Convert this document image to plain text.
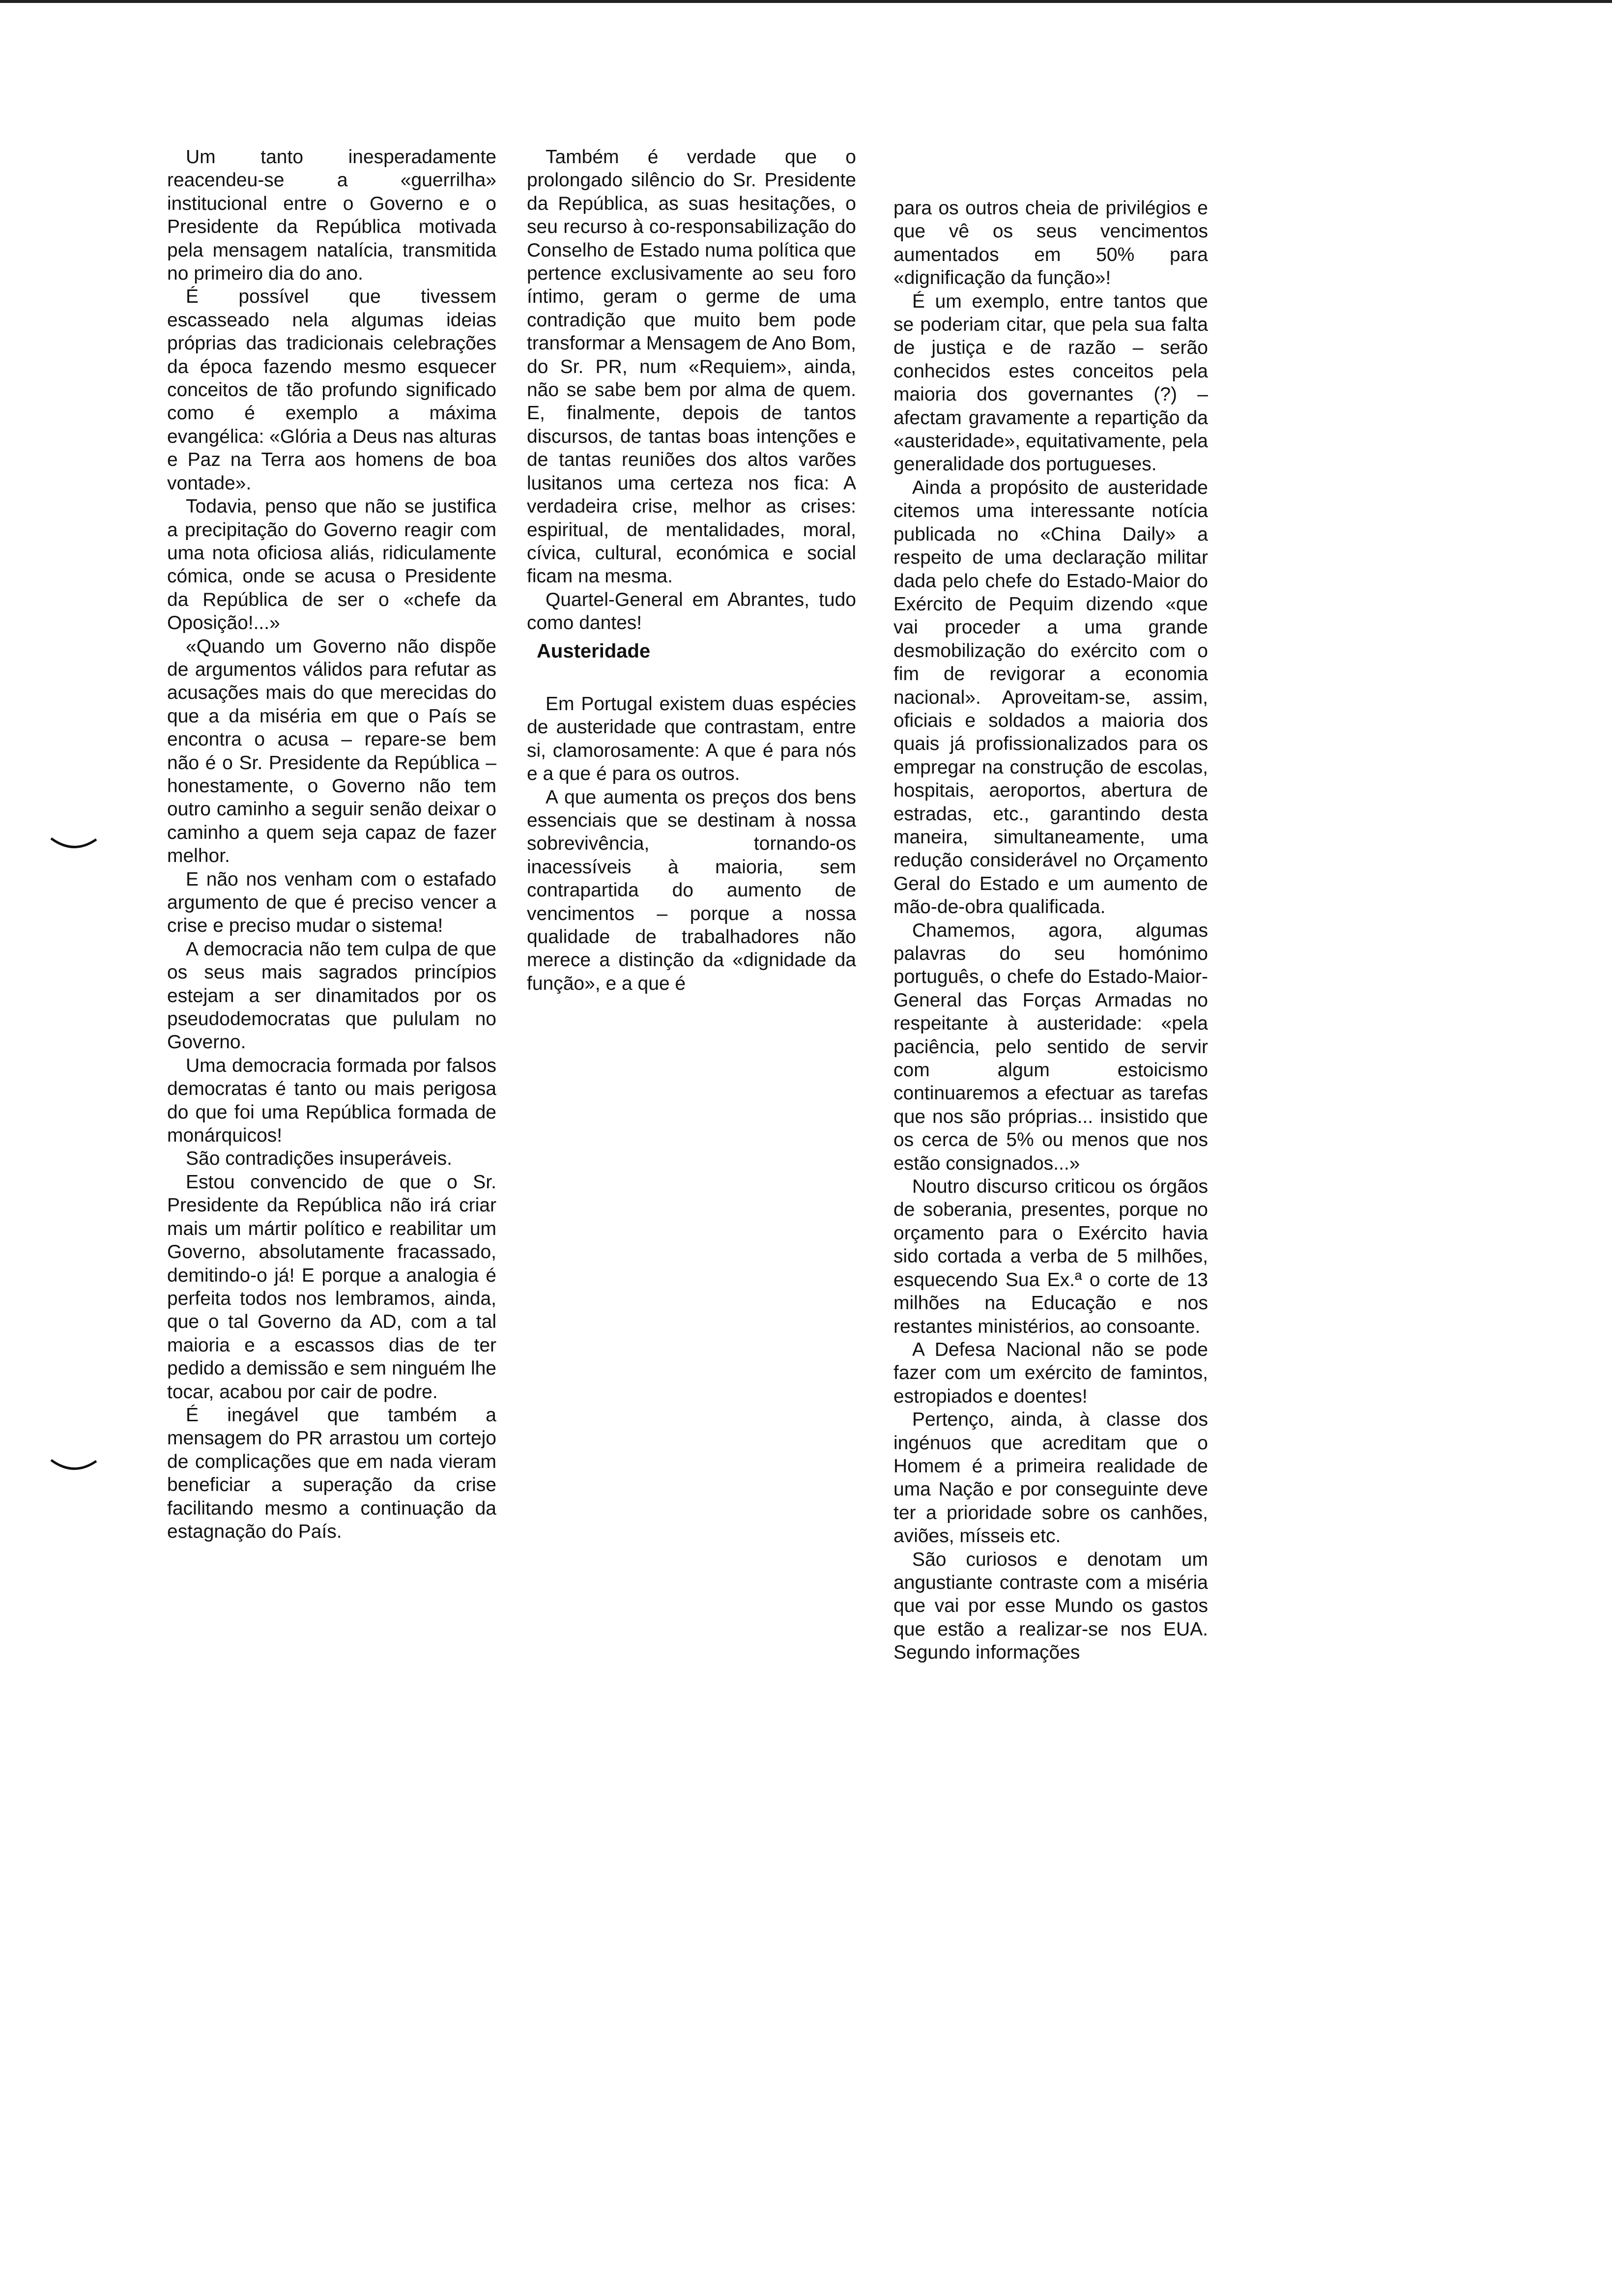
Um tanto inesperadamente reacendeu-se a «guerrilha» institucional entre o Governo e o Presidente da República motivada pela mensagem natalícia, transmitida no primeiro dia do ano.

É possível que tivessem escasseado nela algumas ideias próprias das tradicionais celebrações da época fazendo mesmo esquecer conceitos de tão profundo significado como é exemplo a máxima evangélica: «Glória a Deus nas alturas e Paz na Terra aos homens de boa vontade».

Todavia, penso que não se justifica a precipitação do Governo reagir com uma nota oficiosa aliás, ridiculamente cómica, onde se acusa o Presidente da República de ser o «chefe da Oposição!...»

«Quando um Governo não dispõe de argumentos válidos para refutar as acusações mais do que merecidas do que a da miséria em que o País se encontra o acusa – repare-se bem não é o Sr. Presidente da República – honestamente, o Governo não tem outro caminho a seguir senão deixar o caminho a quem seja capaz de fazer melhor.

E não nos venham com o estafado argumento de que é preciso vencer a crise e preciso mudar o sistema!

A democracia não tem culpa de que os seus mais sagrados princípios estejam a ser dinamitados por os pseudodemocratas que pululam no Governo.

Uma democracia formada por falsos democratas é tanto ou mais perigosa do que foi uma República formada de monárquicos!

São contradições insuperáveis.

Estou convencido de que o Sr. Presidente da República não irá criar mais um mártir político e reabilitar um Governo, absolutamente fracassado, demitindo-o já! E porque a analogia é perfeita todos nos lembramos, ainda, que o tal Governo da AD, com a tal maioria e a escassos dias de ter pedido a demissão e sem ninguém lhe tocar, acabou por cair de podre.

É inegável que também a mensagem do PR arrastou um cortejo de complicações que em nada vieram beneficiar a superação da crise facilitando mesmo a continuação da estagnação do País.

Também é verdade que o prolongado silêncio do Sr. Presidente da República, as suas hesitações, o seu recurso à co-responsabilização do Conselho de Estado numa política que pertence exclusivamente ao seu foro íntimo, geram o germe de uma contradição que muito bem pode transformar a Mensagem de Ano Bom, do Sr. PR, num «Requiem», ainda, não se sabe bem por alma de quem. E, finalmente, depois de tantos discursos, de tantas boas intenções e de tantas reuniões dos altos varões lusitanos uma certeza nos fica: A verdadeira crise, melhor as crises: espiritual, de mentalidades, moral, cívica, cultural, económica e social ficam na mesma.

Quartel-General em Abrantes, tudo como dantes!

Austeridade

Em Portugal existem duas espécies de austeridade que contrastam, entre si, clamorosamente: A que é para nós e a que é para os outros.

A que aumenta os preços dos bens essenciais que se destinam à nossa sobrevivência, tornando-os inacessíveis à maioria, sem contrapartida do aumento de vencimentos – porque a nossa qualidade de trabalhadores não merece a distinção da «dignidade da função», e a que é

para os outros cheia de privilégios e que vê os seus vencimentos aumentados em 50% para «dignificação da função»!

É um exemplo, entre tantos que se poderiam citar, que pela sua falta de justiça e de razão – serão conhecidos estes conceitos pela maioria dos governantes (?) – afectam gravamente a repartição da «austeridade», equitativamente, pela generalidade dos portugueses.

Ainda a propósito de austeridade citemos uma interessante notícia publicada no «China Daily» a respeito de uma declaração militar dada pelo chefe do Estado-Maior do Exército de Pequim dizendo «que vai proceder a uma grande desmobilização do exército com o fim de revigorar a economia nacional». Aproveitam-se, assim, oficiais e soldados a maioria dos quais já profissionalizados para os empregar na construção de escolas, hospitais, aeroportos, abertura de estradas, etc., garantindo desta maneira, simultaneamente, uma redução considerável no Orçamento Geral do Estado e um aumento de mão-de-obra qualificada.

Chamemos, agora, algumas palavras do seu homónimo português, o chefe do Estado-Maior-General das Forças Armadas no respeitante à austeridade: «pela paciência, pelo sentido de servir com algum estoicismo continuaremos a efectuar as tarefas que nos são próprias... insistido que os cerca de 5% ou menos que nos estão consignados...»

Noutro discurso criticou os órgãos de soberania, presentes, porque no orçamento para o Exército havia sido cortada a verba de 5 milhões, esquecendo Sua Ex.ª o corte de 13 milhões na Educação e nos restantes ministérios, ao consoante.

A Defesa Nacional não se pode fazer com um exército de famintos, estropiados e doentes!

Pertenço, ainda, à classe dos ingénuos que acreditam que o Homem é a primeira realidade de uma Nação e por conseguinte deve ter a prioridade sobre os canhões, aviões, mísseis etc.

São curiosos e denotam um angustiante contraste com a miséria que vai por esse Mundo os gastos que estão a realizar-se nos EUA. Segundo informações
